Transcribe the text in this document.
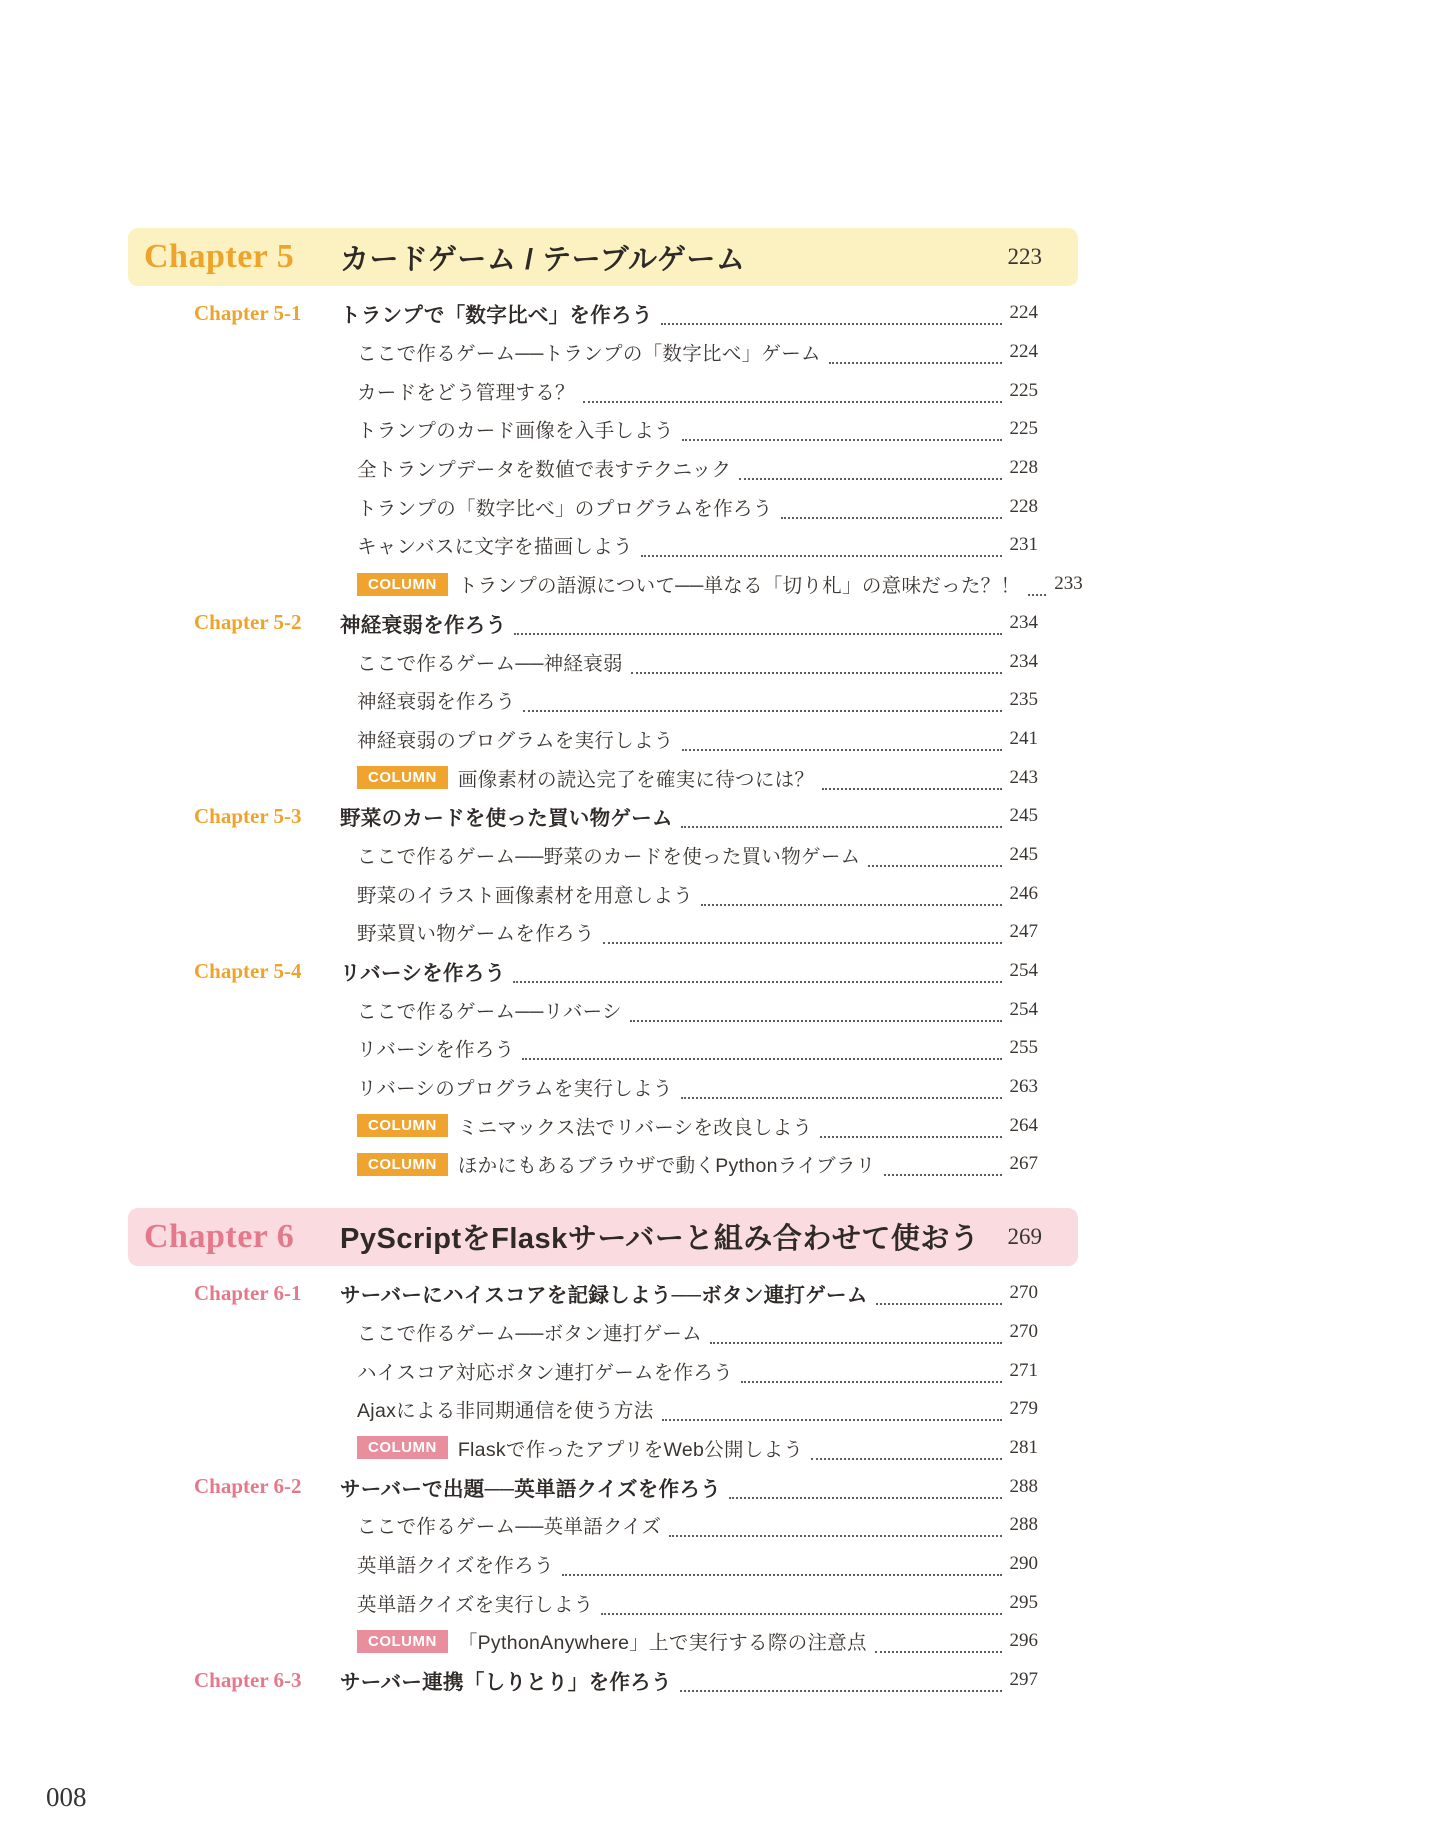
Chapter 5	カードゲーム / テーブルゲーム	223
Chapter 5-1	トランプで「数字比べ」を作ろう	224
ここで作るゲーム──トランプの「数字比べ」ゲーム	224
カードをどう管理する？	225
トランプのカード画像を入手しよう	225
全トランプデータを数値で表すテクニック	228
トランプの「数字比べ」のプログラムを作ろう	228
キャンバスに文字を描画しよう	231
COLUMN	トランプの語源について──単なる「切り札」の意味だった？！ 233
Chapter 5-2	神経衰弱を作ろう	234
ここで作るゲーム──神経衰弱	234
神経衰弱を作ろう	235
神経衰弱のプログラムを実行しよう	241
COLUMN	画像素材の読込完了を確実に待つには？	243
Chapter 5-3	野菜のカードを使った買い物ゲーム	245
ここで作るゲーム──野菜のカードを使った買い物ゲーム	245
野菜のイラスト画像素材を用意しよう	246
野菜買い物ゲームを作ろう	247
Chapter 5-4	リバーシを作ろう	254
ここで作るゲーム──リバーシ	254
リバーシを作ろう	255
リバーシのプログラムを実行しよう	263
COLUMN	ミニマックス法でリバーシを改良しよう	264
COLUMN	ほかにもあるブラウザで動くPythonライブラリ	267
Chapter 6	PyScriptをFlaskサーバーと組み合わせて使おう	269
Chapter 6-1	サーバーにハイスコアを記録しよう──ボタン連打ゲーム	270
ここで作るゲーム──ボタン連打ゲーム	270
ハイスコア対応ボタン連打ゲームを作ろう	271
Ajaxによる非同期通信を使う方法	279
COLUMN	Flaskで作ったアプリをWeb公開しよう	281
Chapter 6-2	サーバーで出題──英単語クイズを作ろう	288
ここで作るゲーム──英単語クイズ	288
英単語クイズを作ろう	290
英単語クイズを実行しよう	295
COLUMN	「PythonAnywhere」上で実行する際の注意点	296
Chapter 6-3	サーバー連携「しりとり」を作ろう	297
008
